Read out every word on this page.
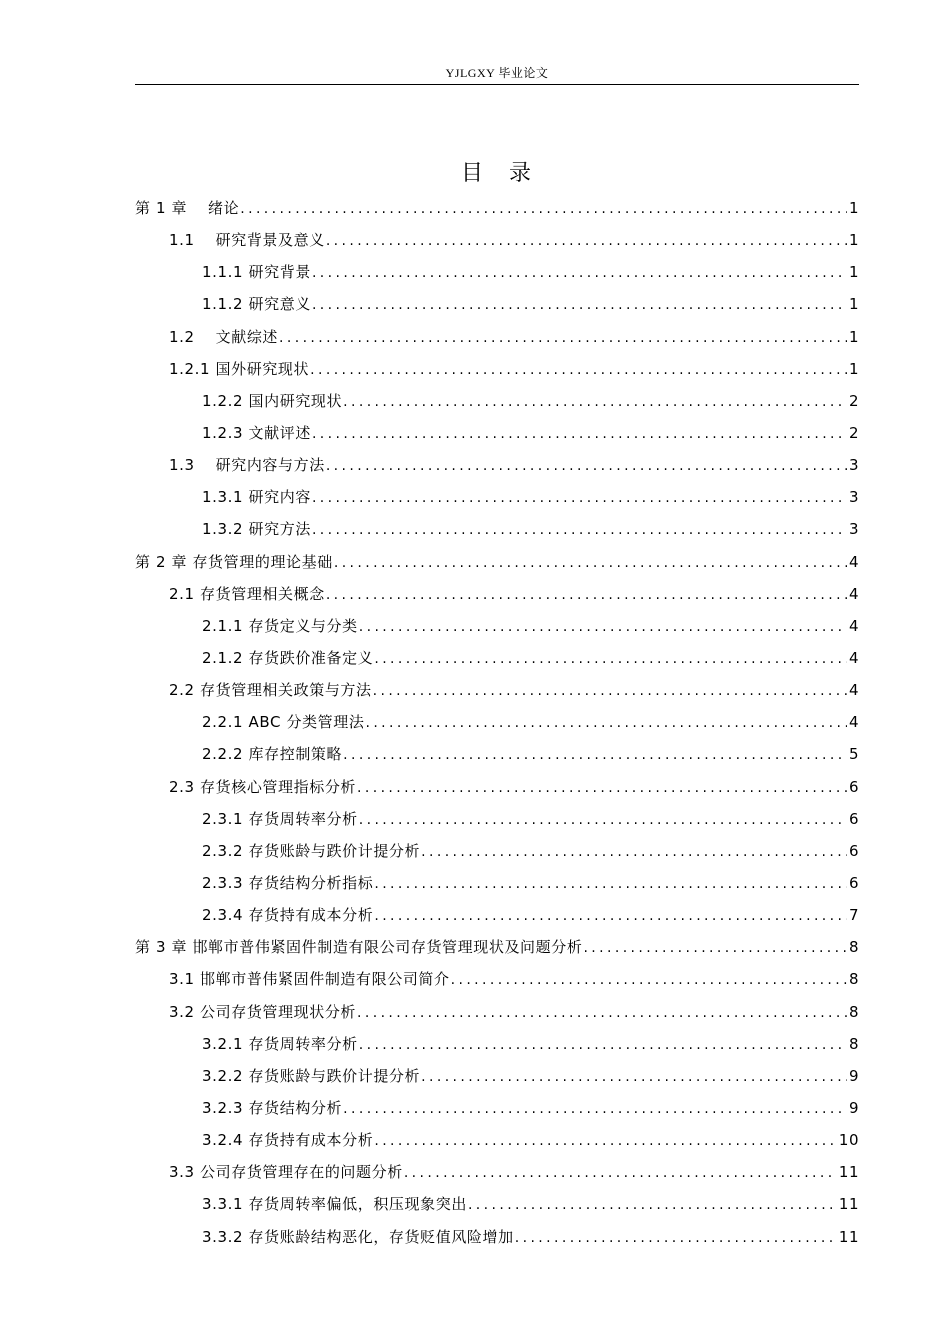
YJLGXY 毕业论文
目　录
第 1 章　 绪论 .....	1
1.1　 研究背景及意义 .....	1
1.1.1 研究背景 .....	1
1.1.2 研究意义 .....	1
1.2　 文献综述 .....	1
1.2.1 国外研究现状 .....	1
1.2.2 国内研究现状 .....	2
1.2.3 文献评述 .....	2
1.3　 研究内容与方法 .....	3
1.3.1 研究内容 .....	3
1.3.2 研究方法 .....	3
第 2 章 存货管理的理论基础 .....	4
2.1 存货管理相关概念 .....	4
2.1.1 存货定义与分类 .....	4
2.1.2 存货跌价准备定义 .....	4
2.2 存货管理相关政策与方法 .....	4
2.2.1 ABC 分类管理法 .....	4
2.2.2 库存控制策略 .....	5
2.3 存货核心管理指标分析 .....	6
2.3.1 存货周转率分析 .....	6
2.3.2 存货账龄与跌价计提分析 .....	6
2.3.3 存货结构分析指标 .....	6
2.3.4 存货持有成本分析 .....	7
第 3 章 邯郸市普伟紧固件制造有限公司存货管理现状及问题分析 .....	8
3.1 邯郸市普伟紧固件制造有限公司简介 .....	8
3.2 公司存货管理现状分析 .....	8
3.2.1 存货周转率分析 .....	8
3.2.2 存货账龄与跌价计提分析 .....	9
3.2.3 存货结构分析 .....	9
3.2.4 存货持有成本分析 .....	10
3.3 公司存货管理存在的问题分析 .....	11
3.3.1 存货周转率偏低，积压现象突出 .....	11
3.3.2 存货账龄结构恶化，存货贬值风险增加 .....	11
